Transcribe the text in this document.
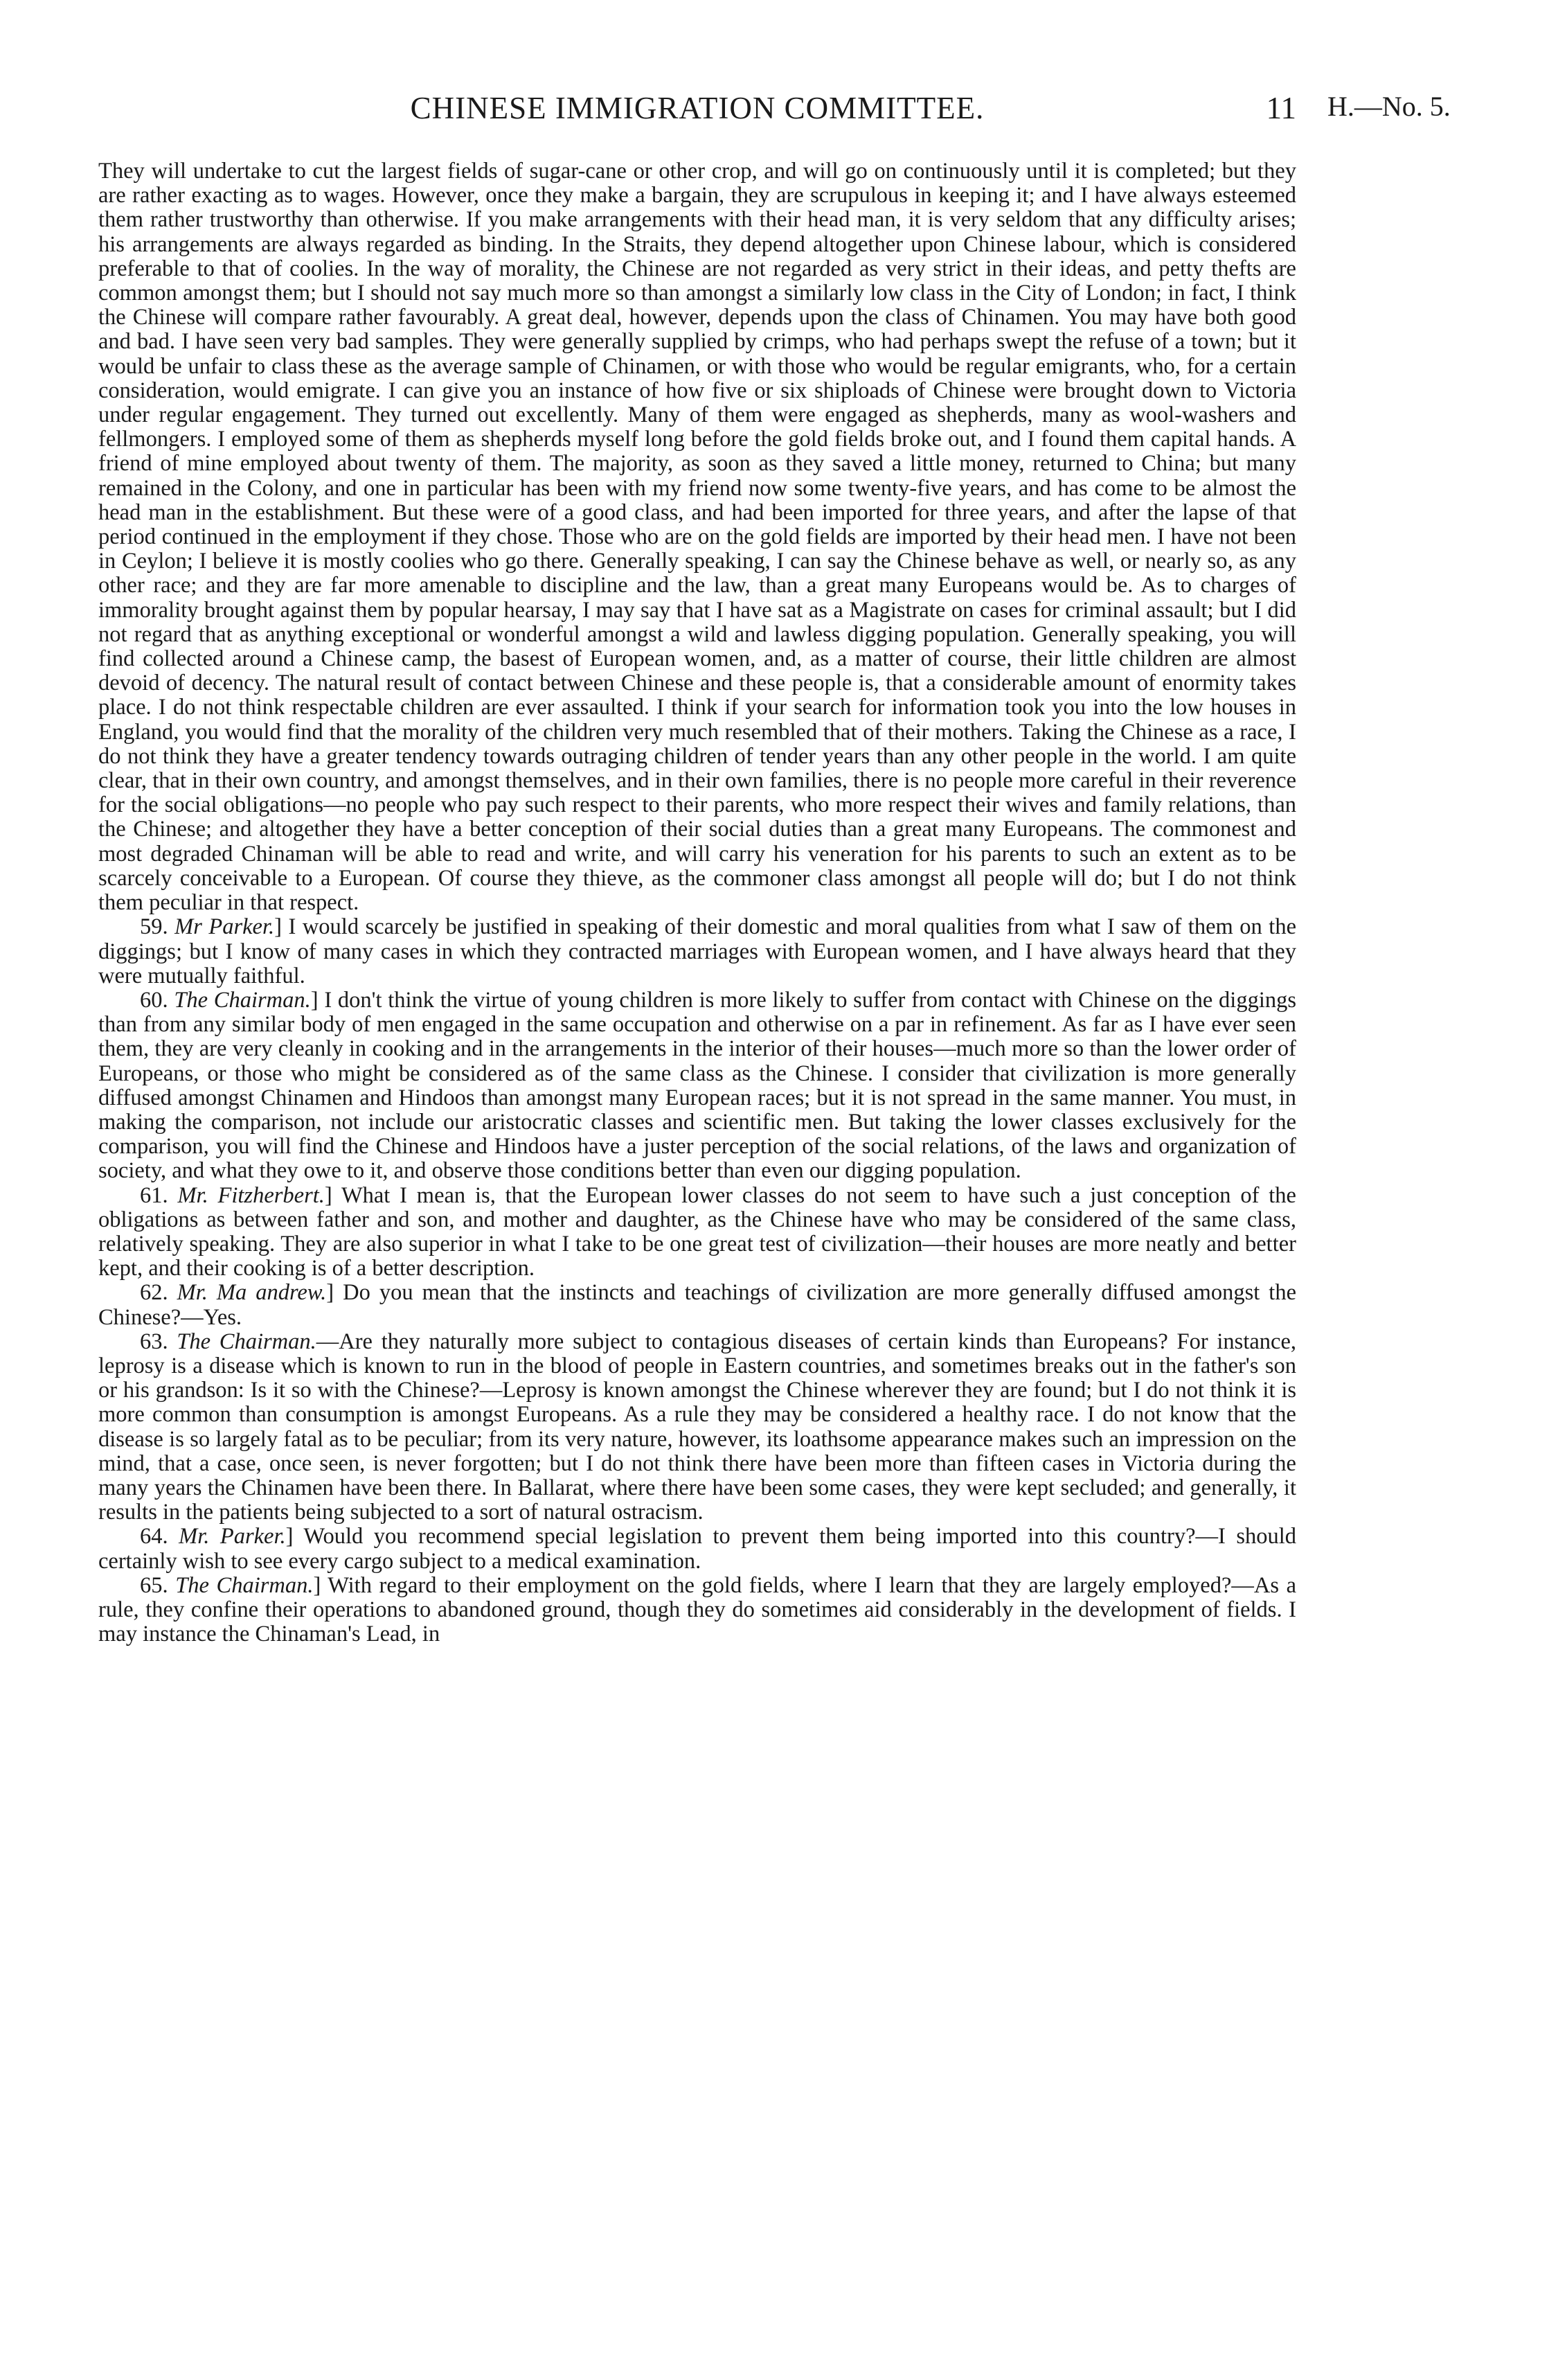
CHINESE IMMIGRATION COMMITTEE.	11 H.—No. 5.

They will undertake to cut the largest fields of sugar-cane or other crop, and will go on continuously until it is completed; but they are rather exacting as to wages. However, once they make a bargain, they are scrupulous in keeping it; and I have always esteemed them rather trustworthy than otherwise. If you make arrangements with their head man, it is very seldom that any difficulty arises; his arrangements are always regarded as binding. In the Straits, they depend altogether upon Chinese labour, which is considered preferable to that of coolies. In the way of morality, the Chinese are not regarded as very strict in their ideas, and petty thefts are common amongst them; but I should not say much more so than amongst a similarly low class in the City of London; in fact, I think the Chinese will compare rather favourably. A great deal, however, depends upon the class of Chinamen. You may have both good and bad. I have seen very bad samples. They were generally supplied by crimps, who had perhaps swept the refuse of a town; but it would be unfair to class these as the average sample of Chinamen, or with those who would be regular emigrants, who, for a certain consideration, would emigrate. I can give you an instance of how five or six shiploads of Chinese were brought down to Victoria under regular engagement. They turned out excellently. Many of them were engaged as shepherds, many as wool-washers and fellmongers. I employed some of them as shepherds myself long before the gold fields broke out, and I found them capital hands. A friend of mine employed about twenty of them. The majority, as soon as they saved a little money, returned to China; but many remained in the Colony, and one in particular has been with my friend now some twenty-five years, and has come to be almost the head man in the establishment. But these were of a good class, and had been imported for three years, and after the lapse of that period continued in the employment if they chose. Those who are on the gold fields are imported by their head men. I have not been in Ceylon; I believe it is mostly coolies who go there. Generally speaking, I can say the Chinese behave as well, or nearly so, as any other race; and they are far more amenable to discipline and the law, than a great many Europeans would be. As to charges of immorality brought against them by popular hearsay, I may say that I have sat as a Magistrate on cases for criminal assault; but I did not regard that as anything exceptional or wonderful amongst a wild and lawless digging population. Generally speaking, you will find collected around a Chinese camp, the basest of European women, and, as a matter of course, their little children are almost devoid of decency. The natural result of contact between Chinese and these people is, that a considerable amount of enormity takes place. I do not think respectable children are ever assaulted. I think if your search for information took you into the low houses in England, you would find that the morality of the children very much resembled that of their mothers. Taking the Chinese as a race, I do not think they have a greater tendency towards outraging children of tender years than any other people in the world. I am quite clear, that in their own country, and amongst themselves, and in their own families, there is no people more careful in their reverence for the social obligations—no people who pay such respect to their parents, who more respect their wives and family relations, than the Chinese; and altogether they have a better conception of their social duties than a great many Europeans. The commonest and most degraded Chinaman will be able to read and write, and will carry his veneration for his parents to such an extent as to be scarcely conceivable to a European. Of course they thieve, as the commoner class amongst all people will do; but I do not think them peculiar in that respect.

59. Mr Parker.] I would scarcely be justified in speaking of their domestic and moral qualities from what I saw of them on the diggings; but I know of many cases in which they contracted marriages with European women, and I have always heard that they were mutually faithful.

60. The Chairman.] I don't think the virtue of young children is more likely to suffer from contact with Chinese on the diggings than from any similar body of men engaged in the same occupation and otherwise on a par in refinement. As far as I have ever seen them, they are very cleanly in cooking and in the arrangements in the interior of their houses—much more so than the lower order of Europeans, or those who might be considered as of the same class as the Chinese. I consider that civilization is more generally diffused amongst Chinamen and Hindoos than amongst many European races; but it is not spread in the same manner. You must, in making the comparison, not include our aristocratic classes and scientific men. But taking the lower classes exclusively for the comparison, you will find the Chinese and Hindoos have a juster perception of the social relations, of the laws and organization of society, and what they owe to it, and observe those conditions better than even our digging population.

61. Mr. Fitzherbert.] What I mean is, that the European lower classes do not seem to have such a just conception of the obligations as between father and son, and mother and daughter, as the Chinese have who may be considered of the same class, relatively speaking. They are also superior in what I take to be one great test of civilization—their houses are more neatly and better kept, and their cooking is of a better description.

62. Mr. Ma andrew.] Do you mean that the instincts and teachings of civilization are more generally diffused amongst the Chinese?—Yes.

63. The Chairman.—Are they naturally more subject to contagious diseases of certain kinds than Europeans? For instance, leprosy is a disease which is known to run in the blood of people in Eastern countries, and sometimes breaks out in the father's son or his grandson: Is it so with the Chinese?—Leprosy is known amongst the Chinese wherever they are found; but I do not think it is more common than consumption is amongst Europeans. As a rule they may be considered a healthy race. I do not know that the disease is so largely fatal as to be peculiar; from its very nature, however, its loathsome appearance makes such an impression on the mind, that a case, once seen, is never forgotten; but I do not think there have been more than fifteen cases in Victoria during the many years the Chinamen have been there. In Ballarat, where there have been some cases, they were kept secluded; and generally, it results in the patients being subjected to a sort of natural ostracism.

64. Mr. Parker.] Would you recommend special legislation to prevent them being imported into this country?—I should certainly wish to see every cargo subject to a medical examination.

65. The Chairman.] With regard to their employment on the gold fields, where I learn that they are largely employed?—As a rule, they confine their operations to abandoned ground, though they do sometimes aid considerably in the development of fields. I may instance the Chinaman's Lead, in
